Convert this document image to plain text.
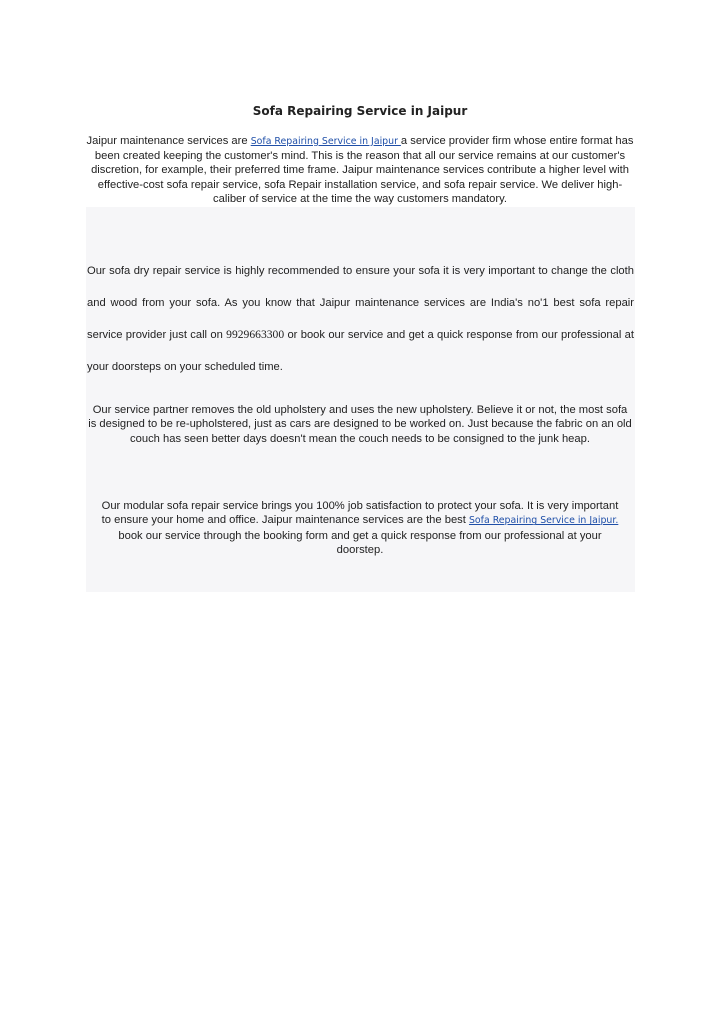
Sofa Repairing Service in Jaipur
Jaipur maintenance services are Sofa Repairing Service in Jaipur a service provider firm whose entire format has been created keeping the customer's mind. This is the reason that all our service remains at our customer's discretion, for example, their preferred time frame. Jaipur maintenance services contribute a higher level with effective-cost sofa repair service, sofa Repair installation service, and sofa repair service. We deliver high-caliber of service at the time the way customers mandatory.
Our sofa dry repair service is highly recommended to ensure your sofa it is very important to change the cloth and wood from your sofa. As you know that Jaipur maintenance services are India's no'1 best sofa repair service provider just call on 9929663300 or book our service and get a quick response from our professional at your doorsteps on your scheduled time.
Our service partner removes the old upholstery and uses the new upholstery. Believe it or not, the most sofa is designed to be re-upholstered, just as cars are designed to be worked on. Just because the fabric on an old couch has seen better days doesn't mean the couch needs to be consigned to the junk heap.
Our modular sofa repair service brings you 100% job satisfaction to protect your sofa. It is very important to ensure your home and office. Jaipur maintenance services are the best Sofa Repairing Service in Jaipur. book our service through the booking form and get a quick response from our professional at your doorstep.
